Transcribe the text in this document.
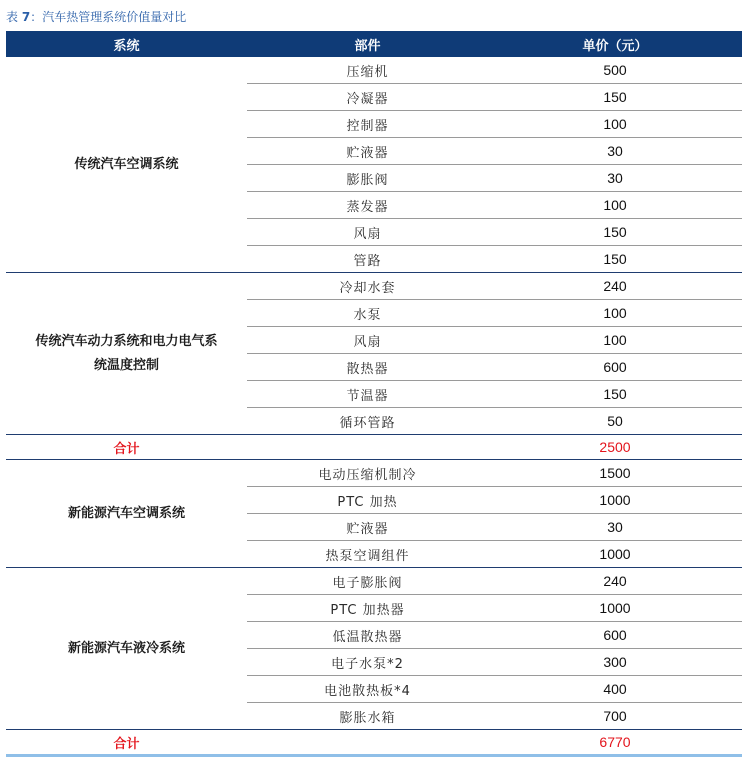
表 7：汽车热管理系统价值量对比
系统	部件	单价（元）

传统汽车空调系统	压缩机	500
	冷凝器	150
	控制器	100
	贮液器	30
	膨胀阀	30
	蒸发器	100
	风扇	150
	管路	150

传统汽车动力系统和电力电气系
统温度控制	冷却水套	240
	水泵	100
	风扇	100
	散热器	600
	节温器	150
	循环管路	50
合计		2500

新能源汽车空调系统	电动压缩机制冷	1500
	PTC 加热	1000
	贮液器	30
	热泵空调组件	1000

新能源汽车液冷系统	电子膨胀阀	240
	PTC 加热器	1000
	低温散热器	600
	电子水泵*2	300
	电池散热板*4	400
	膨胀水箱	700
合计		6770
